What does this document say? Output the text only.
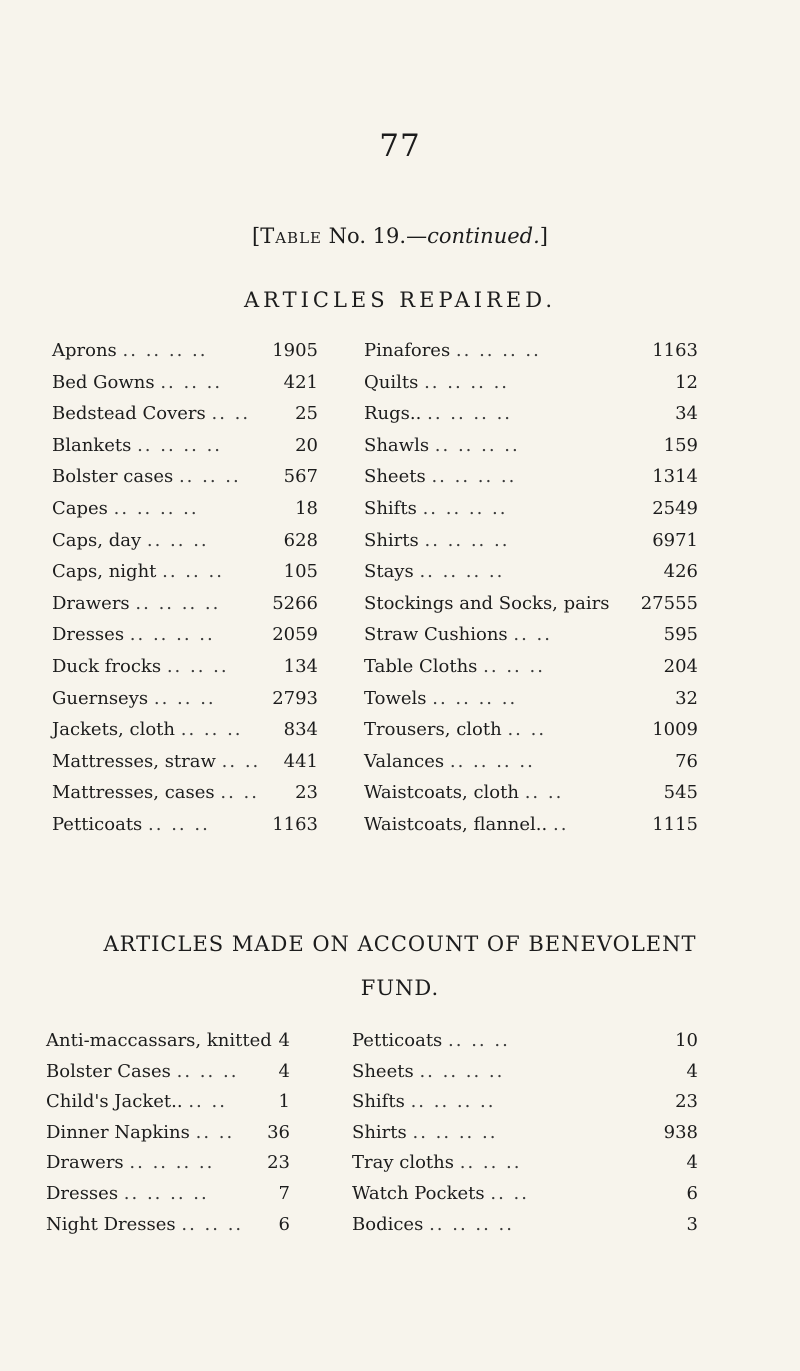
77
[Table No. 19.—continued.]
ARTICLES REPAIRED.
Aprons .. .. .. ..	1905	Pinafores .. .. .. ..	1163
Bed Gowns .. .. ..	421	Quilts .. .. .. ..	12
Bedstead Covers .. ..	25	Rugs.. .. .. .. ..	34
Blankets .. .. .. ..	20	Shawls .. .. .. ..	159
Bolster cases .. .. ..	567	Sheets .. .. .. ..	1314
Capes .. .. .. ..	18	Shifts .. .. .. ..	2549
Caps, day .. .. ..	628	Shirts .. .. .. ..	6971
Caps, night .. .. ..	105	Stays .. .. .. ..	426
Drawers .. .. .. ..	5266	Stockings and Socks, pairs	27555
Dresses .. .. .. ..	2059	Straw Cushions .. ..	595
Duck frocks .. .. ..	134	Table Cloths .. .. ..	204
Guernseys .. .. ..	2793	Towels .. .. .. ..	32
Jackets, cloth .. .. ..	834	Trousers, cloth .. ..	1009
Mattresses, straw .. ..	441	Valances .. .. .. ..	76
Mattresses, cases .. ..	23	Waistcoats, cloth .. ..	545
Petticoats .. .. ..	1163	Waistcoats, flannel.. ..	1115
ARTICLES MADE ON ACCOUNT OF BENEVOLENT
FUND.
Anti-maccassars, knitted 4	Petticoats .. .. ..	10
Bolster Cases .. .. ..	4	Sheets .. .. .. ..	4
Child's Jacket.. .. ..	1	Shifts .. .. .. ..	23
Dinner Napkins .. ..	36	Shirts .. .. .. ..	938
Drawers .. .. .. ..	23	Tray cloths .. .. ..	4
Dresses .. .. .. ..	7	Watch Pockets .. ..	6
Night Dresses .. .. ..	6	Bodices .. .. .. ..	3
